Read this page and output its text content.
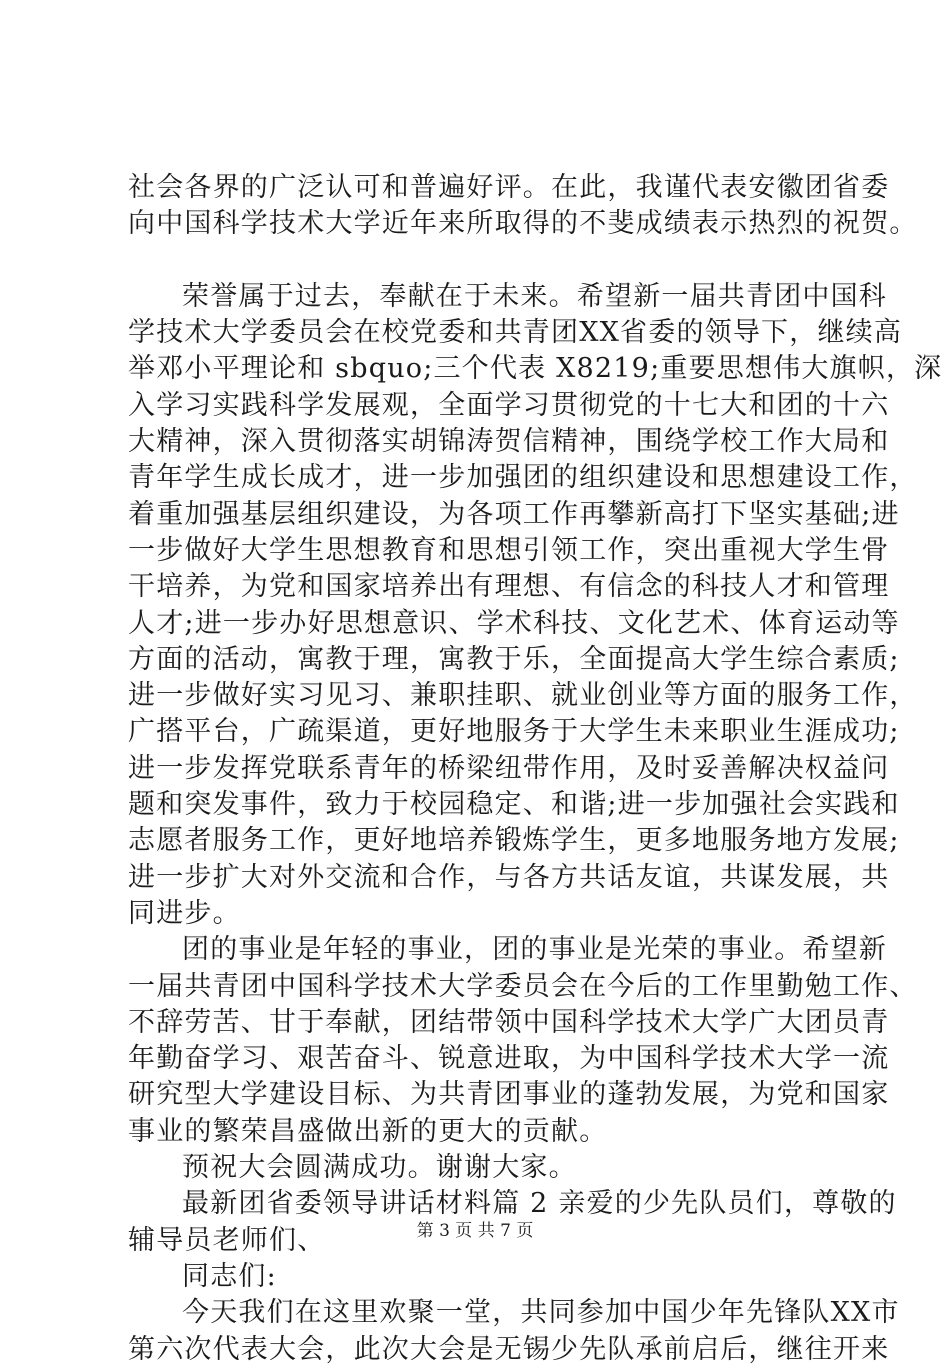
社会各界的广泛认可和普遍好评。在此，我谨代表安徽团省委
向中国科学技术大学近年来所取得的不斐成绩表示热烈的祝贺。
荣誉属于过去，奉献在于未来。希望新一届共青团中国科
学技术大学委员会在校党委和共青团XX省委的领导下，继续高
举邓小平理论和 sbquo;三个代表 X8219;重要思想伟大旗帜，深
入学习实践科学发展观，全面学习贯彻党的十七大和团的十六
大精神，深入贯彻落实胡锦涛贺信精神，围绕学校工作大局和
青年学生成长成才，进一步加强团的组织建设和思想建设工作，
着重加强基层组织建设，为各项工作再攀新高打下坚实基础;进
一步做好大学生思想教育和思想引领工作，突出重视大学生骨
干培养，为党和国家培养出有理想、有信念的科技人才和管理
人才;进一步办好思想意识、学术科技、文化艺术、体育运动等
方面的活动，寓教于理，寓教于乐，全面提高大学生综合素质;
进一步做好实习见习、兼职挂职、就业创业等方面的服务工作，
广搭平台，广疏渠道，更好地服务于大学生未来职业生涯成功;
进一步发挥党联系青年的桥梁纽带作用，及时妥善解决权益问
题和突发事件，致力于校园稳定、和谐;进一步加强社会实践和
志愿者服务工作，更好地培养锻炼学生，更多地服务地方发展;
进一步扩大对外交流和合作，与各方共话友谊，共谋发展，共
同进步。
团的事业是年轻的事业，团的事业是光荣的事业。希望新
一届共青团中国科学技术大学委员会在今后的工作里勤勉工作、
不辞劳苦、甘于奉献，团结带领中国科学技术大学广大团员青
年勤奋学习、艰苦奋斗、锐意进取，为中国科学技术大学一流
研究型大学建设目标、为共青团事业的蓬勃发展，为党和国家
事业的繁荣昌盛做出新的更大的贡献。
预祝大会圆满成功。谢谢大家。
最新团省委领导讲话材料篇 2 亲爱的少先队员们，尊敬的
辅导员老师们、
同志们:
今天我们在这里欢聚一堂，共同参加中国少年先锋队XX市
第六次代表大会，此次大会是无锡少先队承前启后，继往开来
第 3 页 共 7 页
